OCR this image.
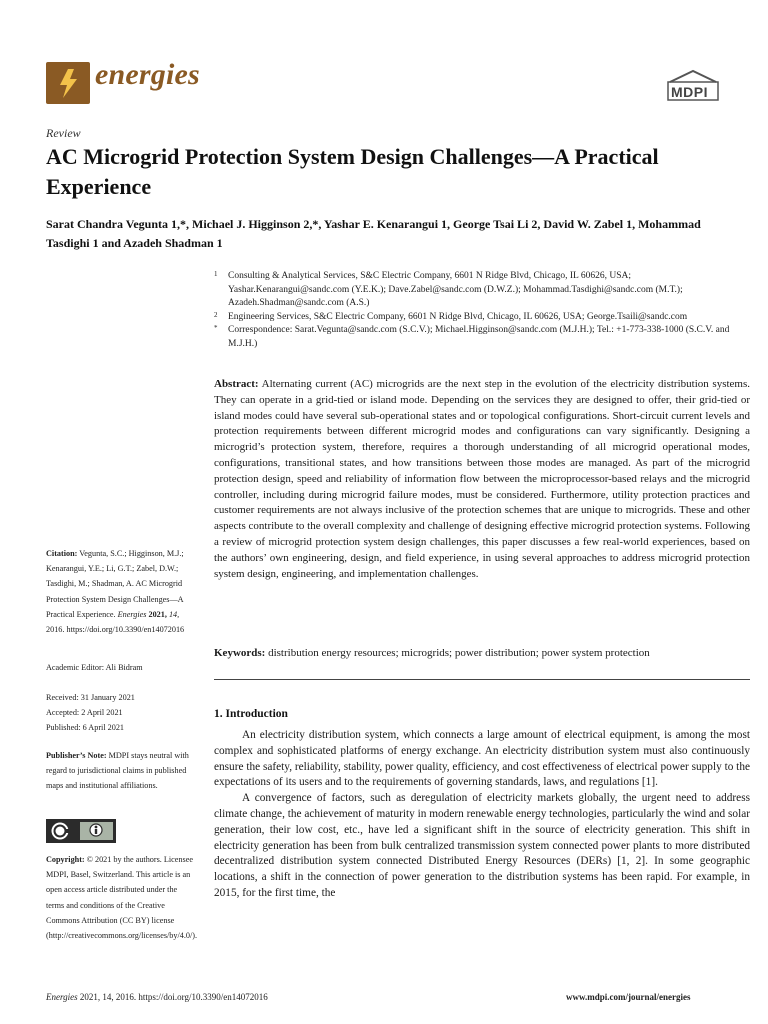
energies
MDPI
Review
AC Microgrid Protection System Design Challenges—A Practical Experience
Sarat Chandra Vegunta 1,*, Michael J. Higginson 2,*, Yashar E. Kenarangui 1, George Tsai Li 2, David W. Zabel 1, Mohammad Tasdighi 1 and Azadeh Shadman 1
1 Consulting & Analytical Services, S&C Electric Company, 6601 N Ridge Blvd, Chicago, IL 60626, USA; Yashar.Kenarangui@sandc.com (Y.E.K.); Dave.Zabel@sandc.com (D.W.Z.); Mohammad.Tasdighi@sandc.com (M.T.); Azadeh.Shadman@sandc.com (A.S.)
2 Engineering Services, S&C Electric Company, 6601 N Ridge Blvd, Chicago, IL 60626, USA; George.Tsaili@sandc.com
* Correspondence: Sarat.Vegunta@sandc.com (S.C.V.); Michael.Higginson@sandc.com (M.J.H.); Tel.: +1-773-338-1000 (S.C.V. and M.J.H.)
Abstract: Alternating current (AC) microgrids are the next step in the evolution of the electricity distribution systems. They can operate in a grid-tied or island mode. Depending on the services they are designed to offer, their grid-tied or island modes could have several sub-operational states and or topological configurations. Short-circuit current levels and protection requirements between different microgrid modes and configurations can vary significantly. Designing a microgrid’s protection system, therefore, requires a thorough understanding of all microgrid operational modes, configurations, transitional states, and how transitions between those modes are managed. As part of the microgrid protection design, speed and reliability of information flow between the microprocessor-based relays and the microgrid controller, including during microgrid failure modes, must be considered. Furthermore, utility protection practices and customer requirements are not always inclusive of the protection schemes that are unique to microgrids. These and other aspects contribute to the overall complexity and challenge of designing effective microgrid protection systems. Following a review of microgrid protection system design challenges, this paper discusses a few real-world experiences, based on the authors’ own engineering, design, and field experience, in using several approaches to address microgrid protection system design, engineering, and implementation challenges.
Keywords: distribution energy resources; microgrids; power distribution; power system protection
1. Introduction

An electricity distribution system, which connects a large amount of electrical equipment, is among the most complex and sophisticated platforms of energy exchange. An electricity distribution system must also continuously ensure the safety, reliability, stability, power quality, efficiency, and cost effectiveness of electrical power supply to the expectations of its users and to the requirements of governing standards, laws, and regulations [1].

A convergence of factors, such as deregulation of electricity markets globally, the urgent need to address climate change, the achievement of maturity in modern renewable energy technologies, particularly the wind and solar generation, their low cost, etc., have led a significant shift in the source of electricity generation. This shift in electricity generation has been from bulk centralized transmission system connected power plants to more distributed decentralized distribution system connected Distributed Energy Resources (DERs) [1, 2]. In some geographic locations, a shift in the connection of power generation to the distribution systems has been rapid. For example, in 2015, for the first time, the

Citation: Vegunta, S.C.; Higginson, M.J.; Kenarangui, Y.E.; Li, G.T.; Zabel, D.W.; Tasdighi, M.; Shadman, A. AC Microgrid Protection System Design Challenges—A Practical Experience. Energies 2021, 14, 2016. https://doi.org/10.3390/en14072016
Academic Editor: Ali Bidram
Received: 31 January 2021
Accepted: 2 April 2021
Published: 6 April 2021
Publisher’s Note: MDPI stays neutral with regard to jurisdictional claims in published maps and institutional affiliations.
Copyright: © 2021 by the authors. Licensee MDPI, Basel, Switzerland. This article is an open access article distributed under the terms and conditions of the Creative Commons Attribution (CC BY) license (http://creativecommons.org/licenses/by/4.0/).
Energies 2021, 14, 2016. https://doi.org/10.3390/en14072016	www.mdpi.com/journal/energies
